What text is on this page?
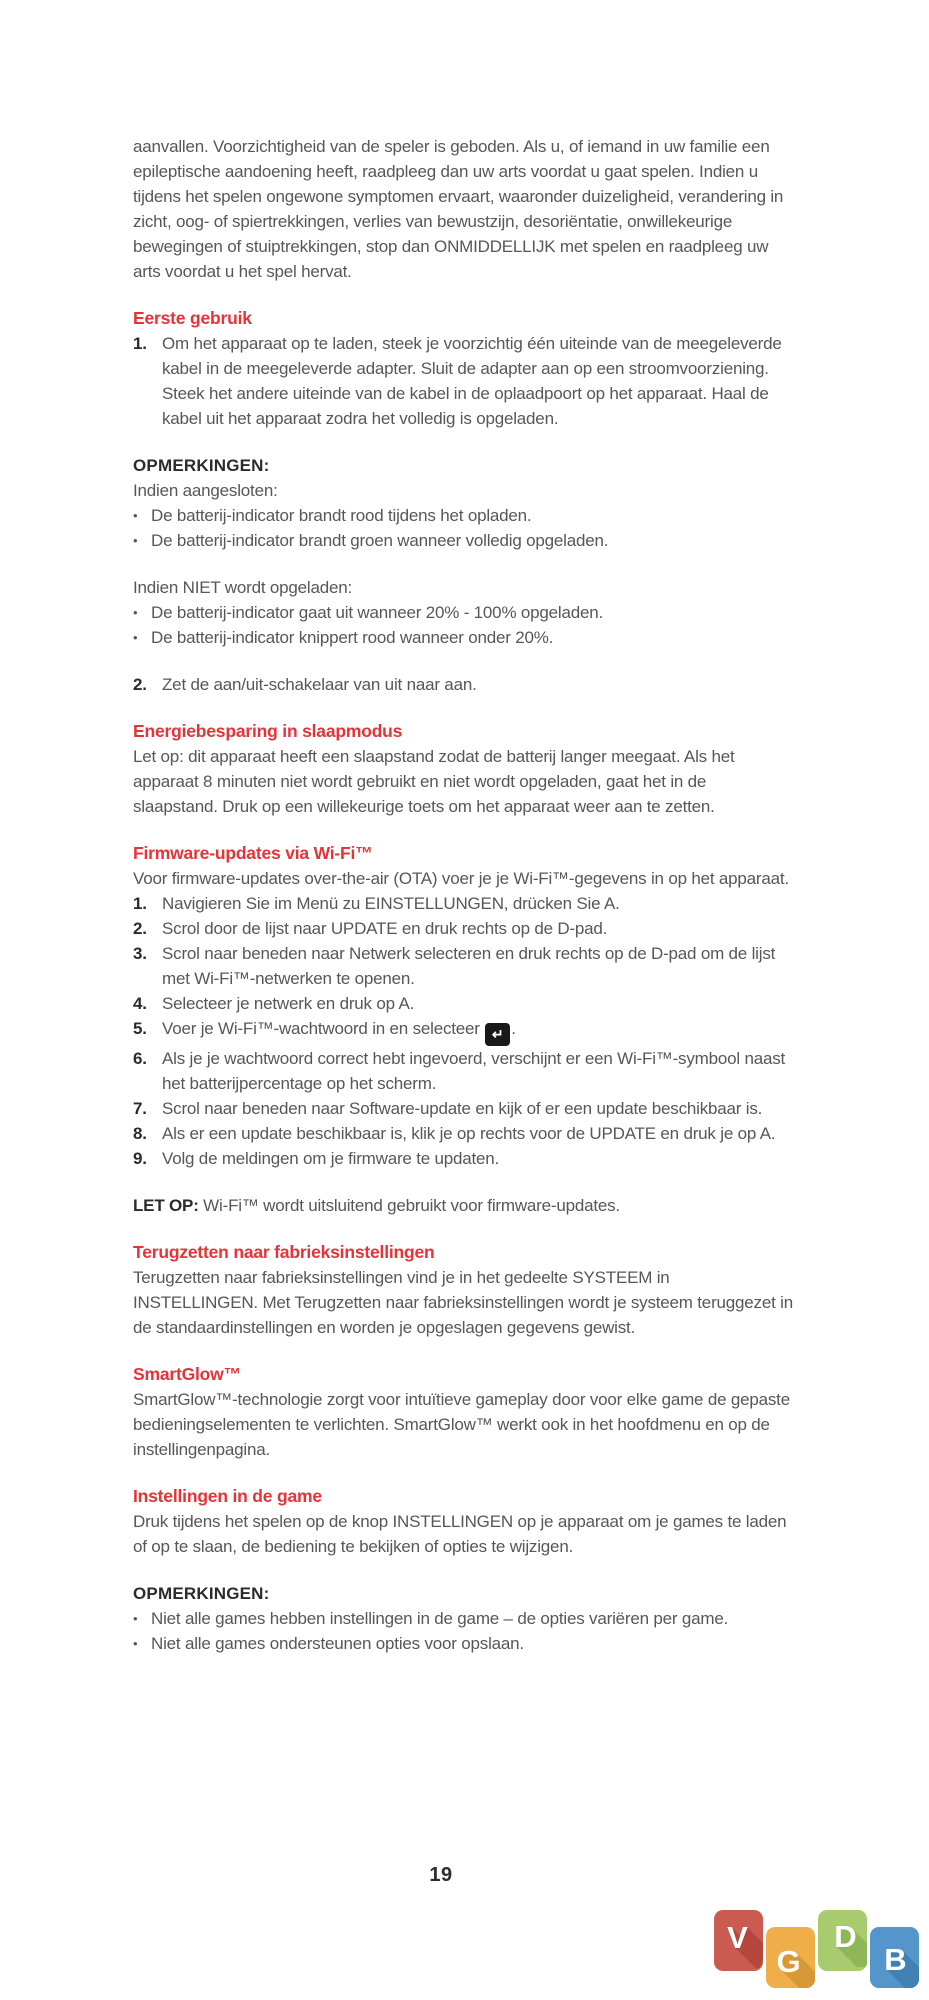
aanvallen. Voorzichtigheid van de speler is geboden. Als u, of iemand in uw familie een epileptische aandoening heeft, raadpleeg dan uw arts voordat u gaat spelen. Indien u tijdens het spelen ongewone symptomen ervaart, waaronder duizeligheid, verandering in zicht, oog- of spiertrekkingen, verlies van bewustzijn, desoriëntatie, onwillekeurige bewegingen of stuiptrekkingen, stop dan ONMIDDELLIJK met spelen en raadpleeg uw arts voordat u het spel hervat.

Eerste gebruik
1. Om het apparaat op te laden, steek je voorzichtig één uiteinde van de meegeleverde kabel in de meegeleverde adapter. Sluit de adapter aan op een stroomvoorziening. Steek het andere uiteinde van de kabel in de oplaadpoort op het apparaat. Haal de kabel uit het apparaat zodra het volledig is opgeladen.

OPMERKINGEN:

Indien aangesloten:

• De batterij-indicator brandt rood tijdens het opladen.
• De batterij-indicator brandt groen wanneer volledig opgeladen.

Indien NIET wordt opgeladen:

• De batterij-indicator gaat uit wanneer 20% - 100% opgeladen.
• De batterij-indicator knippert rood wanneer onder 20%.
2. Zet de aan/uit-schakelaar van uit naar aan.
Energiebesparing in slaapmodus

Let op: dit apparaat heeft een slaapstand zodat de batterij langer meegaat. Als het apparaat 8 minuten niet wordt gebruikt en niet wordt opgeladen, gaat het in de slaapstand. Druk op een willekeurige toets om het apparaat weer aan te zetten.

Firmware-updates via Wi-Fi™

Voor firmware-updates over-the-air (OTA) voer je je Wi-Fi™-gegevens in op het apparaat.

1. Navigieren Sie im Menü zu EINSTELLUNGEN, drücken Sie A.
2. Scrol door de lijst naar UPDATE en druk rechts op de D-pad.
3. Scrol naar beneden naar Netwerk selecteren en druk rechts op de D-pad om de lijst met Wi-Fi™-netwerken te openen.
4. Selecteer je netwerk en druk op A.
5. Voer je Wi-Fi™-wachtwoord in en selecteer ↵ .
6. Als je je wachtwoord correct hebt ingevoerd, verschijnt er een Wi-Fi™-symbool naast het batterijpercentage op het scherm.
7. Scrol naar beneden naar Software-update en kijk of er een update beschikbaar is.
8. Als er een update beschikbaar is, klik je op rechts voor de UPDATE en druk je op A.
9. Volg de meldingen om je firmware te updaten.

LET OP: Wi-Fi™ wordt uitsluitend gebruikt voor firmware-updates.

Terugzetten naar fabrieksinstellingen

Terugzetten naar fabrieksinstellingen vind je in het gedeelte SYSTEEM in INSTELLINGEN. Met Terugzetten naar fabrieksinstellingen wordt je systeem teruggezet in de standaardinstellingen en worden je opgeslagen gegevens gewist.

SmartGlow™

SmartGlow™-technologie zorgt voor intuïtieve gameplay door voor elke game de gepaste bedieningselementen te verlichten. SmartGlow™ werkt ook in het hoofdmenu en op de instellingenpagina.

Instellingen in de game

Druk tijdens het spelen op de knop INSTELLINGEN op je apparaat om je games te laden of op te slaan, de bediening te bekijken of opties te wijzigen.

OPMERKINGEN:

• Niet alle games hebben instellingen in de game – de opties variëren per game.
• Niet alle games ondersteunen opties voor opslaan.
19
V
G
D
B
